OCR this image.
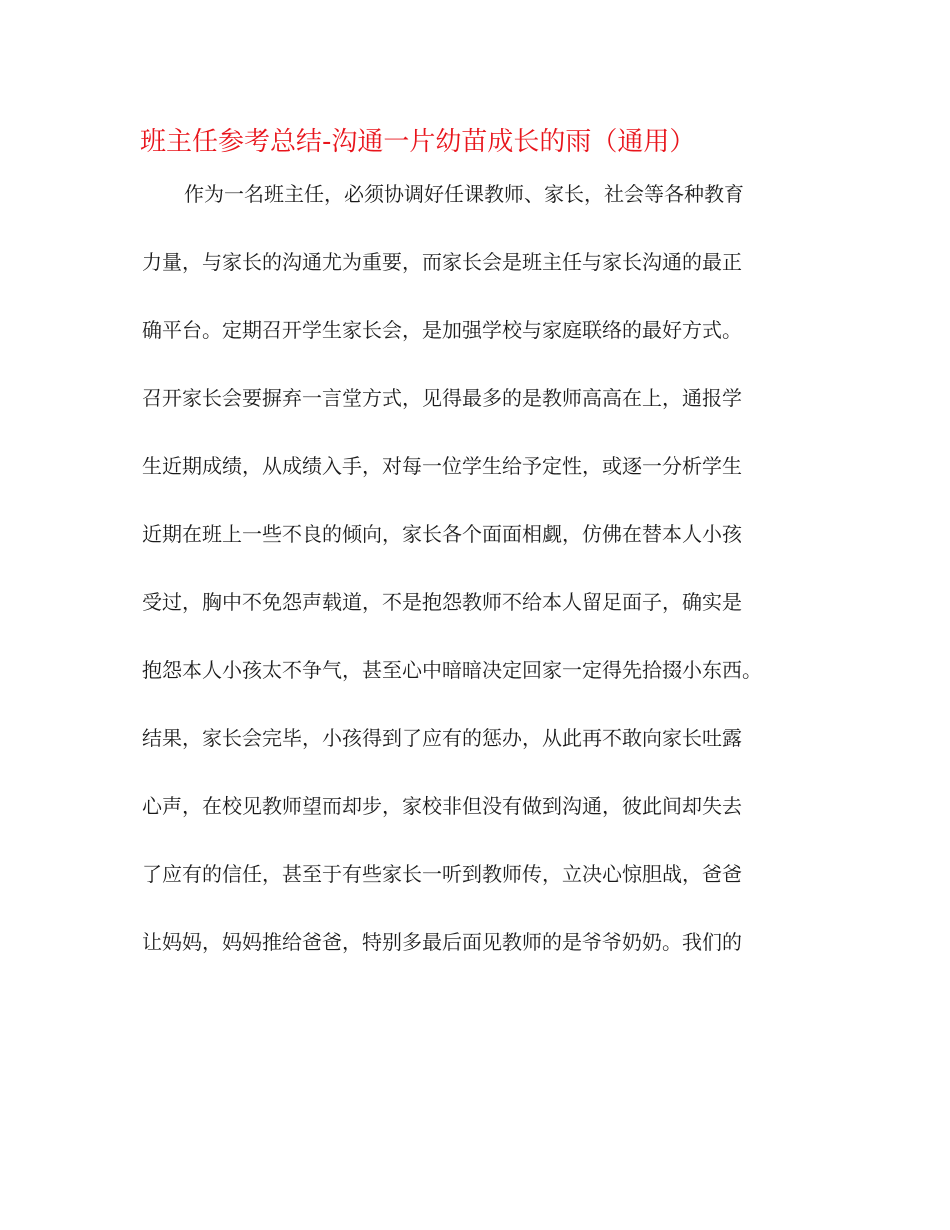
班主任参考总结-沟通一片幼苗成长的雨（通用）
作为一名班主任，必须协调好任课教师、家长，社会等各种教育
力量，与家长的沟通尤为重要，而家长会是班主任与家长沟通的最正
确平台。定期召开学生家长会，是加强学校与家庭联络的最好方式。
召开家长会要摒弃一言堂方式，见得最多的是教师高高在上，通报学
生近期成绩，从成绩入手，对每一位学生给予定性，或逐一分析学生
近期在班上一些不良的倾向，家长各个面面相觑，仿佛在替本人小孩
受过，胸中不免怨声载道，不是抱怨教师不给本人留足面子，确实是
抱怨本人小孩太不争气，甚至心中暗暗决定回家一定得先拾掇小东西。
结果，家长会完毕，小孩得到了应有的惩办，从此再不敢向家长吐露
心声，在校见教师望而却步，家校非但没有做到沟通，彼此间却失去
了应有的信任，甚至于有些家长一听到教师传，立决心惊胆战，爸爸
让妈妈，妈妈推给爸爸，特别多最后面见教师的是爷爷奶奶。我们的
